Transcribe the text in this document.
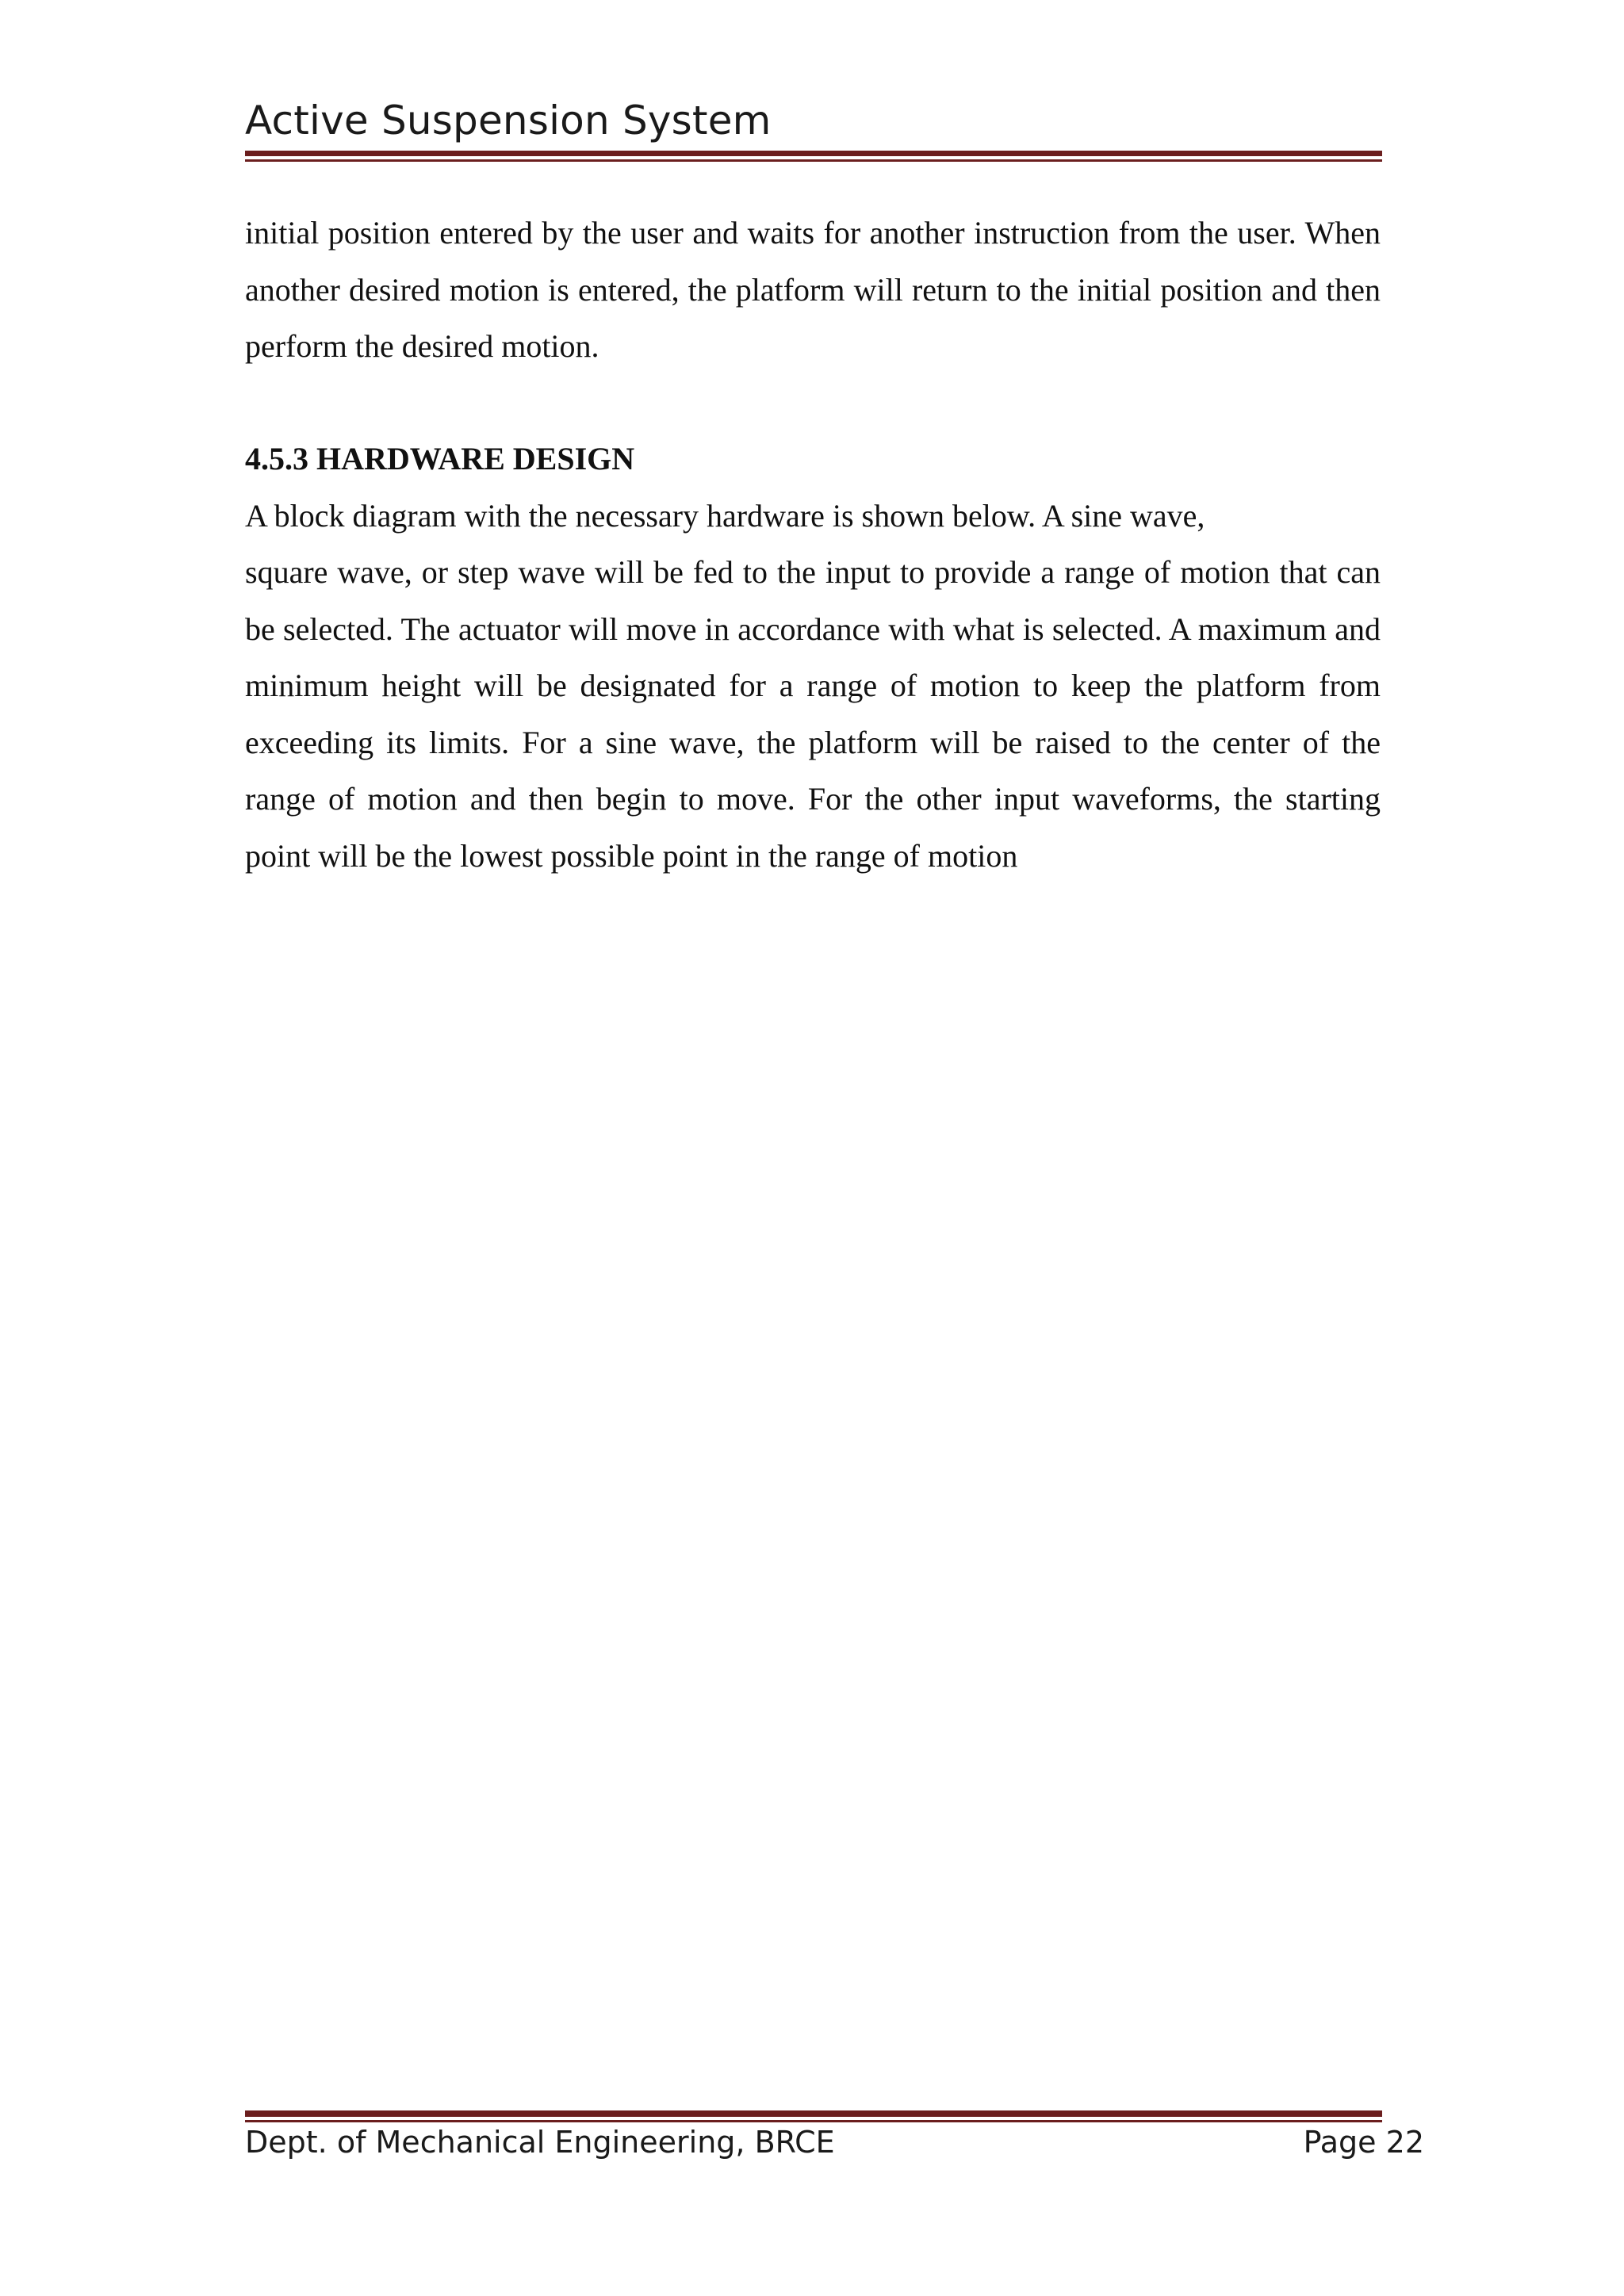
Active Suspension System

initial position entered by the user and waits for another instruction from the user. When another desired motion is entered, the platform will return to the initial position and then perform the desired motion.

4.5.3 HARDWARE DESIGN

A block diagram with the necessary hardware is shown below. A sine wave,

square wave, or step wave will be fed to the input to provide a range of motion that can be selected. The actuator will move in accordance with what is selected. A maximum and minimum height will be designated for a range of motion to keep the platform from exceeding its limits. For a sine wave, the platform will be raised to the center of the range of motion and then begin to move. For the other input waveforms, the starting point will be the lowest possible point in the range of motion

Dept. of Mechanical Engineering, BRCE	Page 22
